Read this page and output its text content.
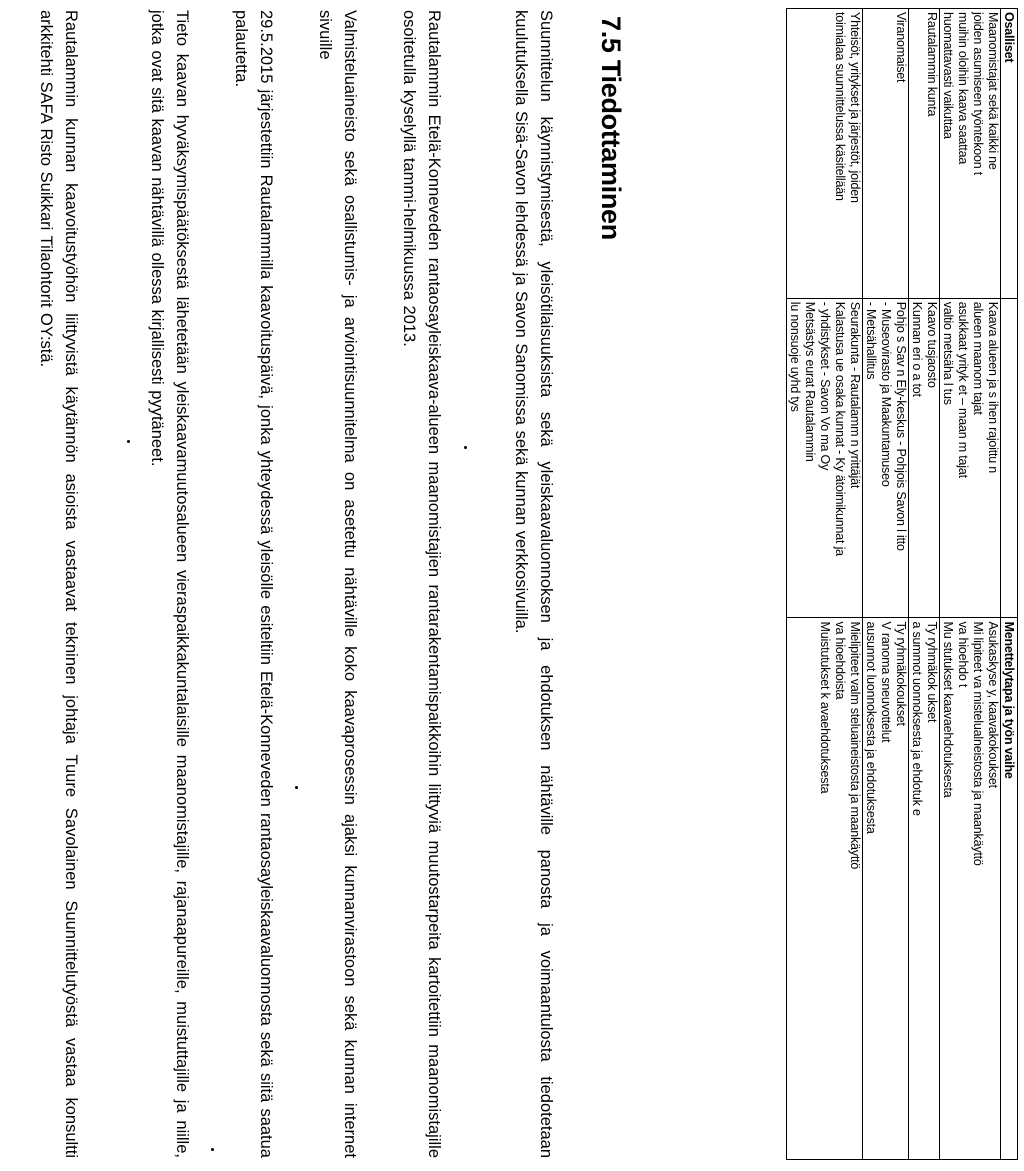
Osalliset		Menettelytapa ja työn vaihe

Maanomistajat sekä kaikki ne
joiden asumiseen työntekoon t
muihin oloihin kaava saattaa
huomattavasti vaikuttaa	Kaava alueen ja s ihen rajoittu n
alueen maanom tajat
asukkaat yrityk et – maan m tajat
valtio metsäha l tus	Asukaskyse y, kaavakokoukset
Mi lipiteet va mistelualneistosta ja maankäyttö
va hioehdo t
Mu stutukset kaavaehdotuksesta

Rautalammin kunta	Kaavo tusjaosto
Kunnan eri o a tot	Ty ryhmäkok ukset
a summot uonnoksesta ja ehdotuk e

Viranomaiset	Pohjo s Sav n Ely-keskus - Pohjois Savon l itto
- Museovirasto ja Maakuntamuseo
- Metsähallitus	Ty ryhmäkokoukset
V ranoma sneuvottelut
ausunnot luonnoksesta ja ehdotuksesta

Yhteisöt, yritykset ja järjestöt, joiden
toimialaa suunnittelussa käsitellään	Seurakunta - Rautalamm n yrittäjät
Kalastusa ue osaka kunnat - Ky ätoimikunnat ja
- yhdistykset - Savon Vo ma Oy
Metsästys eurat Rautalammin
lu nonsuoje uyhd tys	Mielipiteet valm steluaineistosta ja maankäyttö
va hioehdoista
Muistutukset k avaehdotuksesta
7.5 Tiedottaminen

Suunnittelun käynnistymisestä, yleisötilaisuuksista sekä yleiskaavaluonnoksen ja ehdotuksen nähtäville panosta ja voimaantulosta tiedotetaan kuulutuksella Sisä-Savon lehdessä ja Savon Sanomissa sekä kunnan verkkosivuilla.

Rautalammin Etelä-Konneveden rantaosayleiskaava-alueen maanomistajien rantarakentamispaikkoihin liittyviä muutostarpeita kartoitettiin maanomistajille osoitetulla kyselyllä tammi-helmikuussa 2013.

Valmisteluaineisto sekä osallistumis- ja arviointisuunnitelma on asetettu nähtäville koko kaavaprosessin ajaksi kunnanvirastoon sekä kunnan internet sivuille

29.5.2015 järjestettiin Rautalammilla kaavoituspäivä, jonka yhteydessä yleisölle esiteltiin Etelä-Konneveden rantaosayleiskaavaluonnosta sekä siitä saatua palautetta.

Tieto kaavan hyväksymispäätöksestä lähetetään yleiskaavamuutosalueen vieraspaikkakuntalaisille maanomistajille, rajanaapureille, muistuttajille ja niille, jotka ovat sitä kaavan nähtävillä ollessa kirjallisesti pyytäneet.

Rautalammin kunnan kaavoitustyöhön liittyvistä käytännön asioista vastaavat tekninen johtaja Tuure Savolainen Suunnittelutyöstä vastaa konsultti arkkitehti SAFA Risto Suikkari Tilaohtorit OY:stä.
